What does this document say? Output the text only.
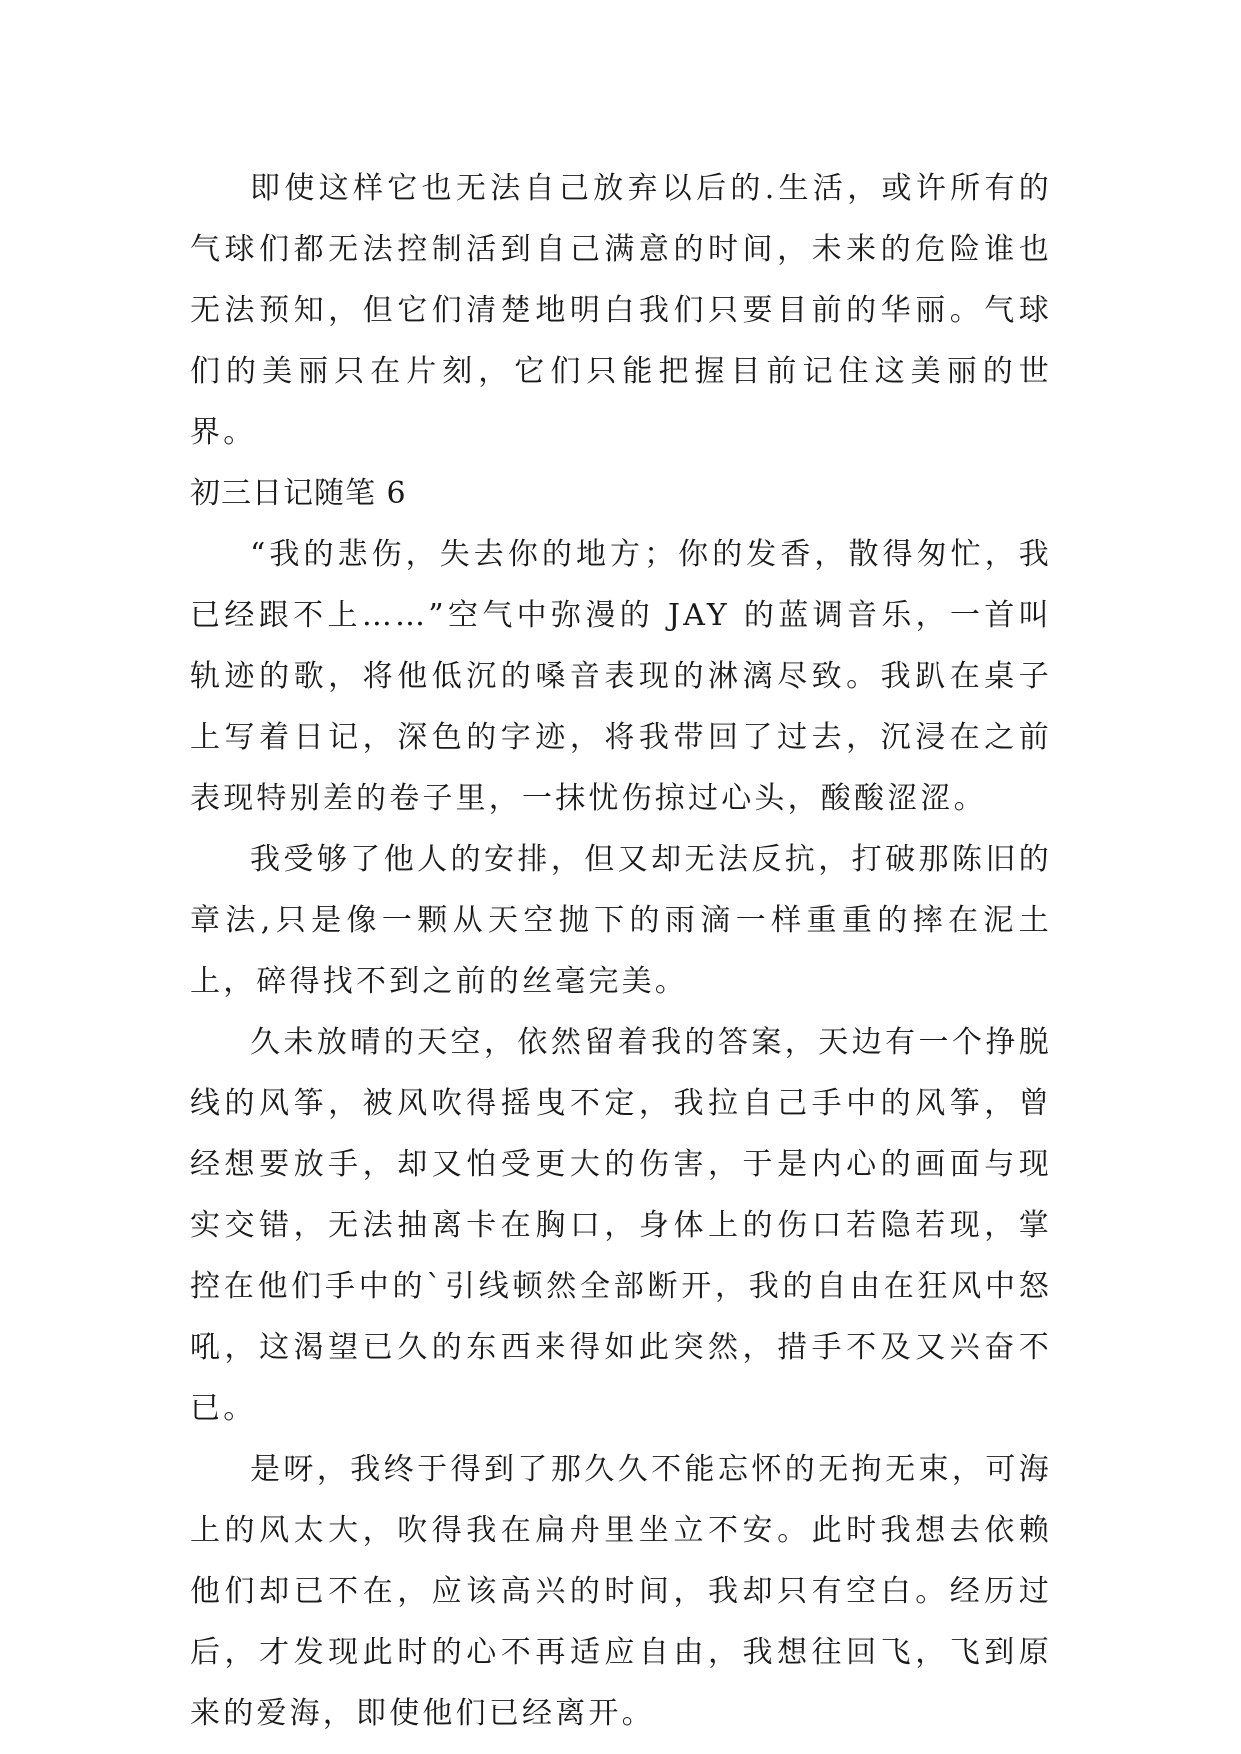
即使这样它也无法自己放弃以后的.生活，或许所有的气球们都无法控制活到自己满意的时间，未来的危险谁也无法预知，但它们清楚地明白我们只要目前的华丽。气球们的美丽只在片刻，它们只能把握目前记住这美丽的世界。

初三日记随笔 6

“我的悲伤，失去你的地方；你的发香，散得匆忙，我已经跟不上……”空气中弥漫的 JAY 的蓝调音乐，一首叫轨迹的歌，将他低沉的嗓音表现的淋漓尽致。我趴在桌子上写着日记，深色的字迹，将我带回了过去，沉浸在之前表现特别差的卷子里，一抹忧伤掠过心头，酸酸涩涩。

我受够了他人的安排，但又却无法反抗，打破那陈旧的章法,只是像一颗从天空抛下的雨滴一样重重的摔在泥土上，碎得找不到之前的丝毫完美。

久未放晴的天空，依然留着我的答案，天边有一个挣脱线的风筝，被风吹得摇曳不定，我拉自己手中的风筝，曾经想要放手，却又怕受更大的伤害，于是内心的画面与现实交错，无法抽离卡在胸口，身体上的伤口若隐若现，掌控在他们手中的`引线顿然全部断开，我的自由在狂风中怒吼，这渴望已久的东西来得如此突然，措手不及又兴奋不已。

是呀，我终于得到了那久久不能忘怀的无拘无束，可海上的风太大，吹得我在扁舟里坐立不安。此时我想去依赖他们却已不在，应该高兴的时间，我却只有空白。经历过后，才发现此时的心不再适应自由，我想往回飞，飞到原来的爱海，即使他们已经离开。
